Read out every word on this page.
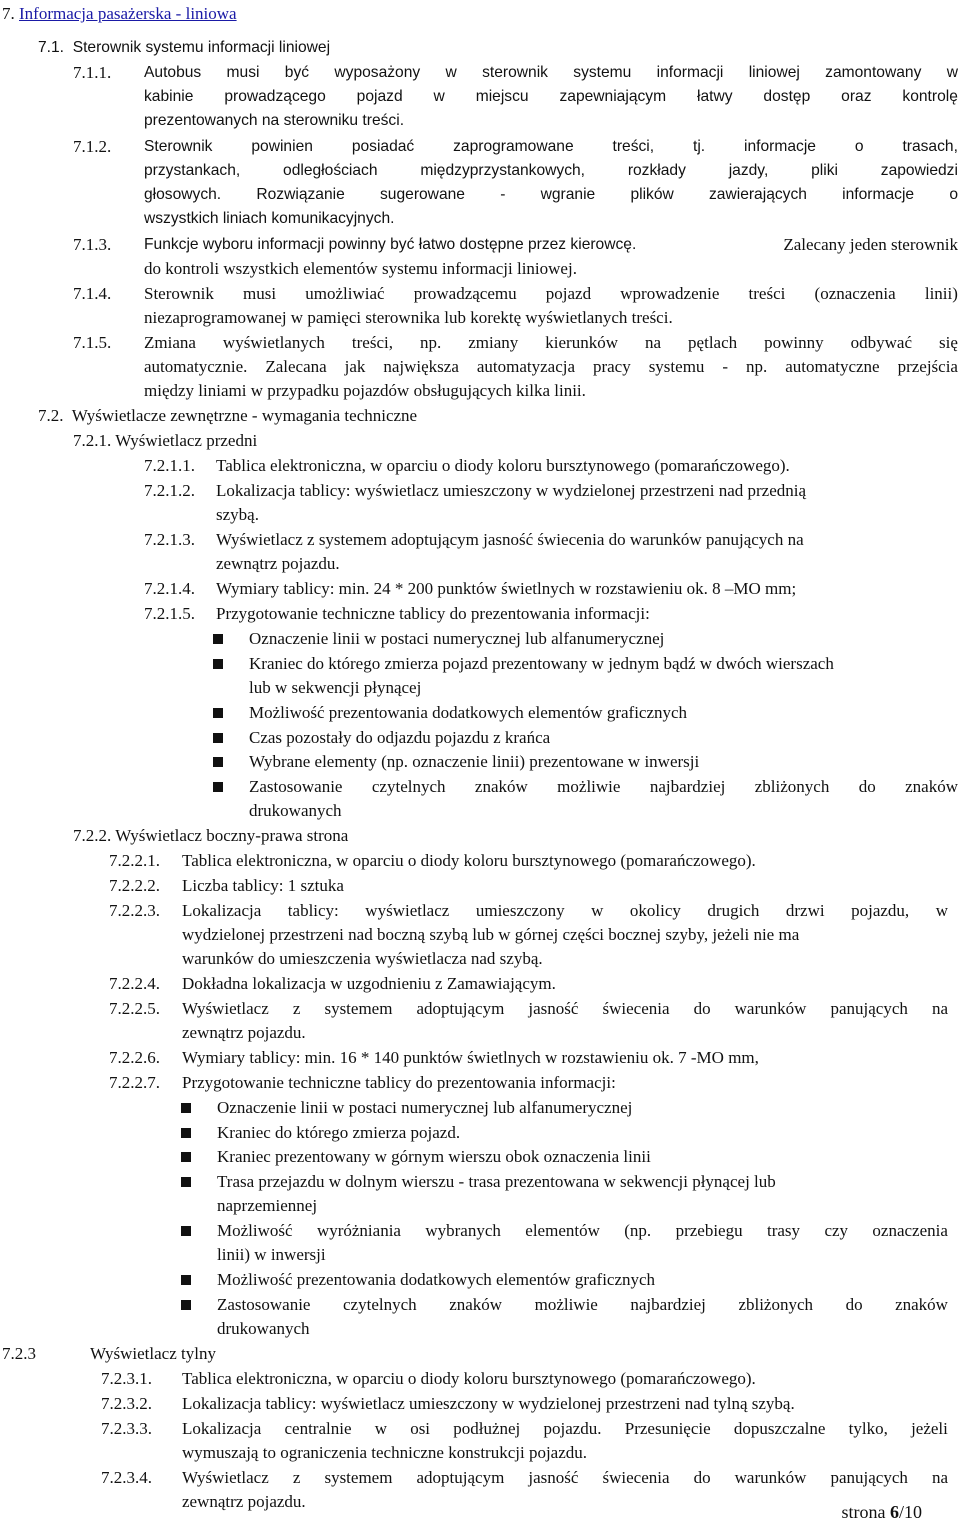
7. Informacja pasażerska - liniowa
7.1. Sterownik systemu informacji liniowej
7.1.1. Autobus musi być wyposażony w sterownik systemu informacji liniowej zamontowany w
kabinie prowadzącego pojazd w miejscu zapewniającym łatwy dostęp oraz kontrolę
prezentowanych na sterowniku treści.
7.1.2. Sterownik powinien posiadać zaprogramowane treści, tj. informacje o trasach,
przystankach,	odległościach	międzyprzystankowych,	rozkłady	jazdy,	pliki	zapowiedzi
głosowych. Rozwiązanie sugerowane - wgranie plików zawierających informacje o
wszystkich liniach komunikacyjnych.
7.1.3. Funkcje wyboru informacji powinny być łatwo dostępne przez kierowcę.	Zalecany jeden sterownik
do kontroli wszystkich elementów systemu informacji liniowej.
7.1.4. Sterownik musi umożliwiać prowadzącemu pojazd wprowadzenie treści (oznaczenia linii)
niezaprogramowanej w pamięci sterownika lub korektę wyświetlanych treści.
7.1.5. Zmiana wyświetlanych treści, np. zmiany kierunków na pętlach powinny odbywać się
automatycznie. Zalecana jak największa automatyzacja pracy systemu - np. automatyczne przejścia
między liniami w przypadku pojazdów obsługujących kilka linii.
7.2. Wyświetlacze zewnętrzne - wymagania techniczne
7.2.1. Wyświetlacz przedni
7.2.1.1. Tablica elektroniczna, w oparciu o diody koloru bursztynowego (pomarańczowego).
7.2.1.2. Lokalizacja tablicy: wyświetlacz umieszczony w wydzielonej przestrzeni nad przednią
szybą.
7.2.1.3. Wyświetlacz z systemem adoptującym jasność świecenia do warunków panujących na
zewnątrz pojazdu.
7.2.1.4. Wymiary tablicy: min. 24 * 200 punktów świetlnych w rozstawieniu ok. 8 –MO mm;
7.2.1.5. Przygotowanie techniczne tablicy do prezentowania informacji:
Oznaczenie linii w postaci numerycznej lub alfanumerycznej
Kraniec do którego zmierza pojazd prezentowany w jednym bądź w dwóch wierszach
lub w sekwencji płynącej
Możliwość prezentowania dodatkowych elementów graficznych
Czas pozostały do odjazdu pojazdu z krańca
Wybrane elementy (np. oznaczenie linii) prezentowane w inwersji
Zastosowanie czytelnych znaków możliwie najbardziej zbliżonych do znaków
drukowanych
7.2.2. Wyświetlacz boczny-prawa strona
7.2.2.1. Tablica elektroniczna, w oparciu o diody koloru bursztynowego (pomarańczowego).
7.2.2.2. Liczba tablicy: 1 sztuka
7.2.2.3. Lokalizacja tablicy: wyświetlacz umieszczony w okolicy drugich drzwi pojazdu, w
wydzielonej przestrzeni nad boczną szybą lub w górnej części bocznej szyby, jeżeli nie ma
warunków do umieszczenia wyświetlacza nad szybą.
7.2.2.4. Dokładna lokalizacja w uzgodnieniu z Zamawiającym.
7.2.2.5. Wyświetlacz z systemem adoptującym jasność świecenia do warunków panujących na
zewnątrz pojazdu.
7.2.2.6. Wymiary tablicy: min. 16 * 140 punktów świetlnych w rozstawieniu ok. 7 -MO mm,
7.2.2.7. Przygotowanie techniczne tablicy do prezentowania informacji:
Oznaczenie linii w postaci numerycznej lub alfanumerycznej
Kraniec do którego zmierza pojazd.
Kraniec prezentowany w górnym wierszu obok oznaczenia linii
Trasa przejazdu w dolnym wierszu - trasa prezentowana w sekwencji płynącej lub
naprzemiennej
Możliwość wyróżniania wybranych elementów (np. przebiegu trasy czy oznaczenia
linii) w inwersji
Możliwość prezentowania dodatkowych elementów graficznych
Zastosowanie czytelnych znaków możliwie najbardziej zbliżonych do znaków
drukowanych
7.2.3	Wyświetlacz tylny
7.2.3.1. Tablica elektroniczna, w oparciu o diody koloru bursztynowego (pomarańczowego).
7.2.3.2. Lokalizacja tablicy: wyświetlacz umieszczony w wydzielonej przestrzeni nad tylną szybą.
7.2.3.3. Lokalizacja centralnie w osi podłużnej pojazdu. Przesunięcie dopuszczalne tylko, jeżeli
wymuszają to ograniczenia techniczne konstrukcji pojazdu.
7.2.3.4. Wyświetlacz z systemem adoptującym jasność świecenia do warunków panujących na
zewnątrz pojazdu.
strona 6/10
